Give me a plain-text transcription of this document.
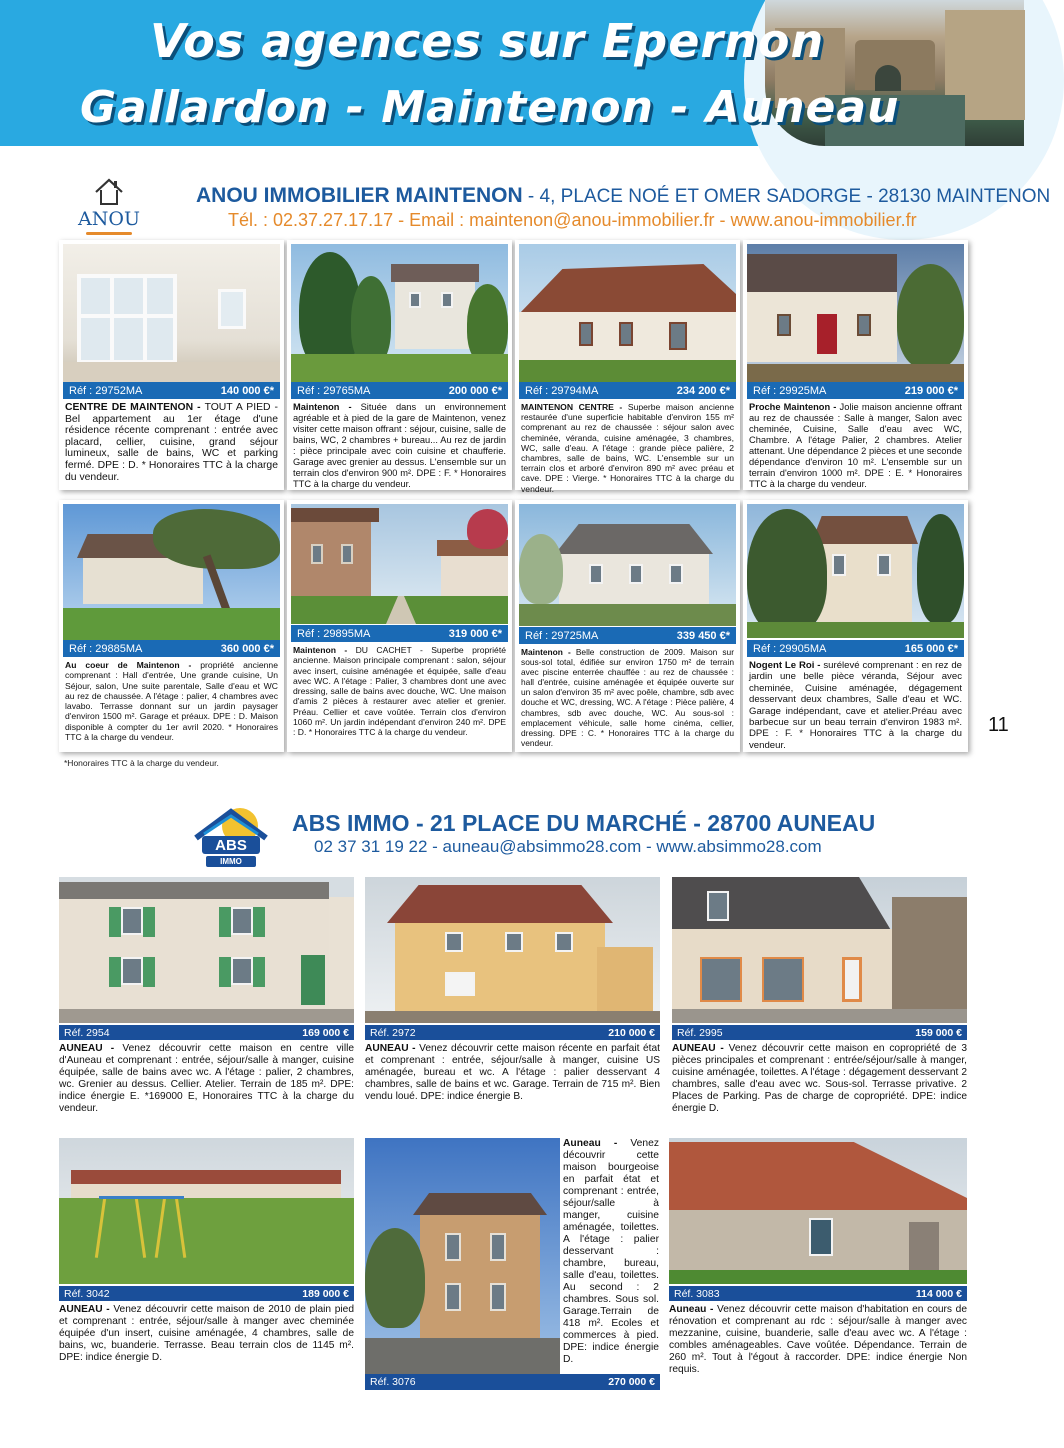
Vos agences sur Epernon
Gallardon - Maintenon - Auneau
ANOU
ANOU IMMOBILIER MAINTENON - 4, PLACE NOÉ ET OMER SADORGE - 28130 MAINTENON
Tél. : 02.37.27.17.17 - Email : maintenon@anou-immobilier.fr - www.anou-immobilier.fr
Réf : 29752MA	140 000 €*
CENTRE DE MAINTENON - TOUT A PIED - Bel appartement au 1er étage d'une résidence récente comprenant : entrée avec placard, cellier, cuisine, grand séjour lumineux, salle de bains, WC et parking fermé. DPE : D. * Honoraires TTC à la charge du vendeur.
Réf : 29765MA	200 000 €*
Maintenon - Située dans un environnement agréable et à pied de la gare de Maintenon, venez visiter cette maison offrant : séjour, cuisine, salle de bains, WC, 2 chambres + bureau... Au rez de jardin : pièce principale avec coin cuisine et chaufferie. Garage avec grenier au dessus. L'ensemble sur un terrain clos d'environ 900 m². DPE : F. * Honoraires TTC à la charge du vendeur.
Réf : 29794MA	234 200 €*
MAINTENON CENTRE - Superbe maison ancienne restaurée d'une superficie habitable d'environ 155 m² comprenant au rez de chaussée : séjour salon avec cheminée, véranda, cuisine aménagée, 3 chambres, WC, salle d'eau. A l'étage : grande pièce palière, 2 chambres, salle de bains, WC. L'ensemble sur un terrain clos et arboré d'environ 890 m² avec préau et cave. DPE : Vierge. * Honoraires TTC à la charge du vendeur.
Réf : 29925MA	219 000 €*
Proche Maintenon - Jolie maison ancienne offrant au rez de chaussée : Salle à manger, Salon avec cheminée, Cuisine, Salle d'eau avec WC, Chambre. A l'étage Palier, 2 chambres. Atelier attenant. Une dépendance 2 pièces et une seconde dépendance d'environ 10 m². L'ensemble sur un terrain d'environ 1000 m². DPE : E. * Honoraires TTC à la charge du vendeur.
Réf : 29885MA	360 000 €*
Au coeur de Maintenon - propriété ancienne comprenant : Hall d'entrée, Une grande cuisine, Un Séjour, salon, Une suite parentale, Salle d'eau et WC au rez de chaussée. A l'étage : palier, 4 chambres avec lavabo. Terrasse donnant sur un jardin paysager d'environ 1500 m². Garage et préaux. DPE : D. Maison disponible à compter du 1er avril 2020. * Honoraires TTC à la charge du vendeur.
Réf : 29895MA	319 000 €*
Maintenon - DU CACHET - Superbe propriété ancienne. Maison principale comprenant : salon, séjour avec insert, cuisine aménagée et équipée, salle d'eau avec WC. A l'étage : Palier, 3 chambres dont une avec dressing, salle de bains avec douche, WC. Une maison d'amis 2 pièces à restaurer avec atelier et grenier. Préau. Cellier et cave voûtée. Terrain clos d'environ 1060 m². Un jardin indépendant d'environ 240 m². DPE : D. * Honoraires TTC à la charge du vendeur.
Réf : 29725MA	339 450 €*
Maintenon - Belle construction de 2009. Maison sur sous-sol total, édifiée sur environ 1750 m² de terrain avec piscine enterrée chauffée : au rez de chaussée : hall d'entrée, cuisine aménagée et équipée ouverte sur un salon d'environ 35 m² avec poêle, chambre, sdb avec douche et WC, dressing, WC. A l'étage : Pièce palière, 4 chambres, sdb avec douche, WC. Au sous-sol : emplacement véhicule, salle home cinéma, cellier, dressing. DPE : C. * Honoraires TTC à la charge du vendeur.
Réf : 29905MA	165 000 €*
Nogent Le Roi - surélevé comprenant : en rez de jardin une belle pièce véranda, Séjour avec cheminée, Cuisine aménagée, dégagement desservant deux chambres, Salle d'eau et WC. Garage indépendant, cave et atelier.Préau avec barbecue sur un beau terrain d'environ 1983 m². DPE : F. * Honoraires TTC à la charge du vendeur.
*Honoraires TTC à la charge du vendeur.
11
ABS
IMMO
ABS IMMO - 21 PLACE DU MARCHÉ - 28700 AUNEAU
02 37 31 19 22 - auneau@absimmo28.com - www.absimmo28.com
Réf. 2954	169 000 €
AUNEAU - Venez découvrir cette maison en centre ville d'Auneau et comprenant : entrée, séjour/salle à manger, cuisine équipée, salle de bains avec wc. A l'étage : palier, 2 chambres, wc. Grenier au dessus. Cellier. Atelier. Terrain de 185 m². DPE: indice énergie E. *169000 E, Honoraires TTC à la charge du vendeur.
Réf. 2972	210 000 €
AUNEAU - Venez découvrir cette maison récente en parfait état et comprenant : entrée, séjour/salle à manger, cuisine US aménagée, bureau et wc. A l'étage : palier desservant 4 chambres, salle de bains et wc. Garage. Terrain de 715 m². Bien vendu loué. DPE: indice énergie B.
Réf. 2995	159 000 €
AUNEAU - Venez découvrir cette maison en copropriété de 3 pièces principales et comprenant : entrée/séjour/salle à manger, cuisine aménagée, toilettes. A l'étage : dégagement desservant 2 chambres, salle d'eau avec wc. Sous-sol. Terrasse privative. 2 Places de Parking. Pas de charge de copropriété. DPE: indice énergie D.
Réf. 3042	189 000 €
AUNEAU - Venez découvrir cette maison de 2010 de plain pied et comprenant : entrée, séjour/salle à manger avec cheminée équipée d'un insert, cuisine aménagée, 4 chambres, salle de bains, wc, buanderie. Terrasse. Beau terrain clos de 1145 m². DPE: indice énergie D.
Réf. 3076	270 000 €
Auneau - Venez découvrir cette maison bourgeoise en parfait état et comprenant : entrée, séjour/salle à manger, cuisine aménagée, toilettes. A l'étage : palier desservant : chambre, bureau, salle d'eau, toilettes. Au second : 2 chambres. Sous sol. Garage.Terrain de 418 m². Ecoles et commerces à pied. DPE: indice énergie D.
Réf. 3083	114 000 €
Auneau - Venez découvrir cette maison d'habitation en cours de rénovation et comprenant au rdc : séjour/salle à manger avec mezzanine, cuisine, buanderie, salle d'eau avec wc. A l'étage : combles aménageables. Cave voûtée. Dépendance. Terrain de 260 m². Tout à l'égout à raccorder. DPE: indice énergie Non requis.
